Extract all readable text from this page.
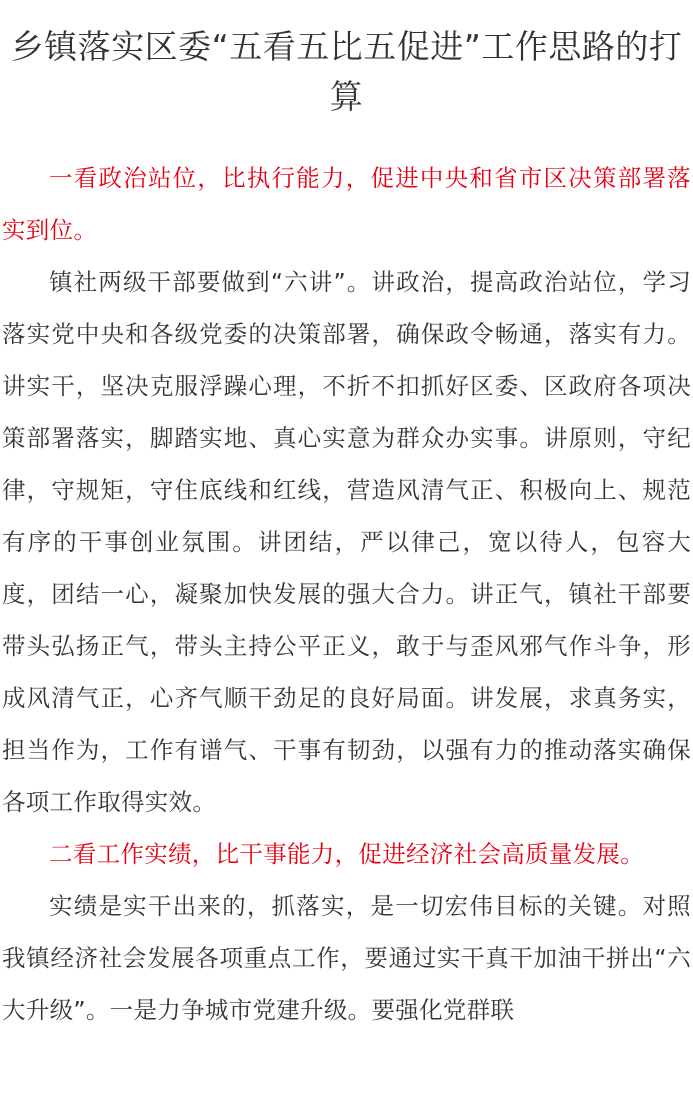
乡镇落实区委“五看五比五促进”工作思路的打算

一看政治站位，比执行能力，促进中央和省市区决策部署落实到位。

镇社两级干部要做到“六讲”。讲政治，提高政治站位，学习落实党中央和各级党委的决策部署，确保政令畅通，落实有力。讲实干，坚决克服浮躁心理，不折不扣抓好区委、区政府各项决策部署落实，脚踏实地、真心实意为群众办实事。讲原则，守纪律，守规矩，守住底线和红线，营造风清气正、积极向上、规范有序的干事创业氛围。讲团结，严以律己，宽以待人，包容大度，团结一心，凝聚加快发展的强大合力。讲正气，镇社干部要带头弘扬正气，带头主持公平正义，敢于与歪风邪气作斗争，形成风清气正，心齐气顺干劲足的良好局面。讲发展，求真务实，担当作为，工作有谱气、干事有韧劲，以强有力的推动落实确保各项工作取得实效。

二看工作实绩，比干事能力，促进经济社会高质量发展。

实绩是实干出来的，抓落实，是一切宏伟目标的关键。对照我镇经济社会发展各项重点工作，要通过实干真干加油干拼出“六大升级”。一是力争城市党建升级。要强化党群联
